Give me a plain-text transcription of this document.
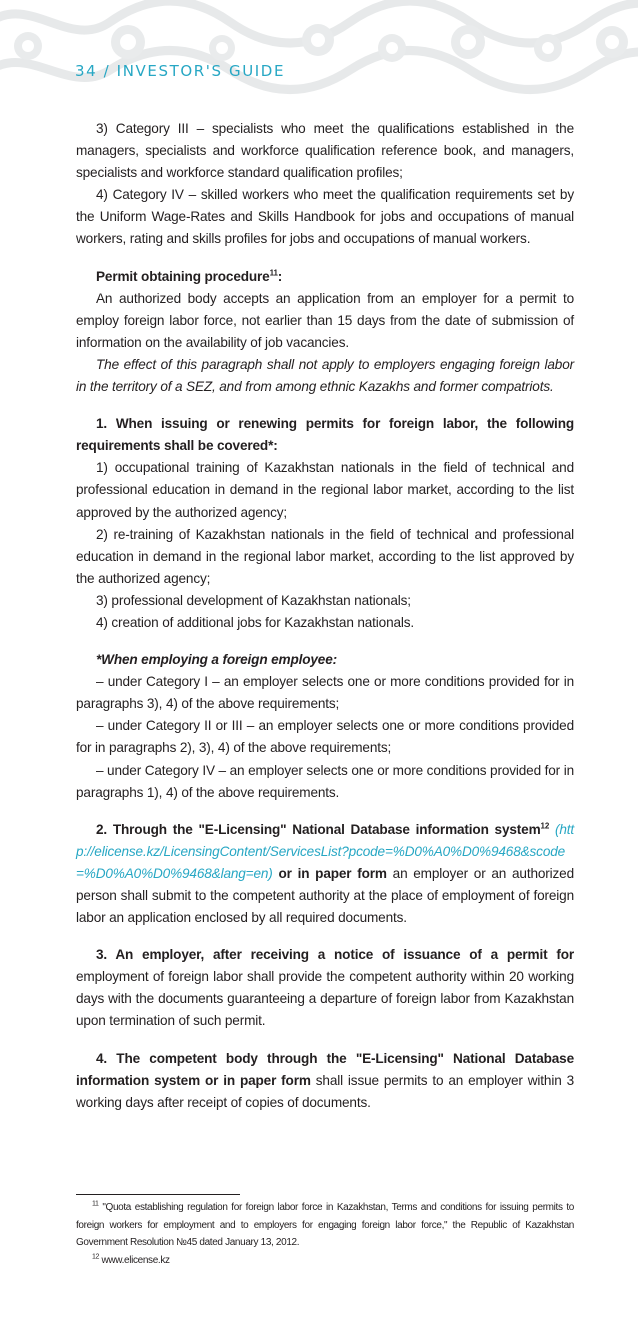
34 / INVESTOR'S GUIDE

3) Category III – specialists who meet the qualifications established in the managers, specialists and workforce qualification reference book, and managers, specialists and workforce standard qualification profiles;

4) Category IV – skilled workers who meet the qualification requirements set by the Uniform Wage-Rates and Skills Handbook for jobs and occupations of manual workers, rating and skills profiles for jobs and occupations of manual workers.

Permit obtaining procedure$^{11}$:

An authorized body accepts an application from an employer for a permit to employ foreign labor force, not earlier than 15 days from the date of submission of information on the availability of job vacancies.

The effect of this paragraph shall not apply to employers engaging foreign labor in the territory of a SEZ, and from among ethnic Kazakhs and former compatriots.

1. When issuing or renewing permits for foreign labor, the following requirements shall be covered*:

1) occupational training of Kazakhstan nationals in the field of technical and professional education in demand in the regional labor market, according to the list approved by the authorized agency;

2) re-training of Kazakhstan nationals in the field of technical and professional education in demand in the regional labor market, according to the list approved by the authorized agency;

3) professional development of Kazakhstan nationals;

4) creation of additional jobs for Kazakhstan nationals.

*When employing a foreign employee:

– under Category I – an employer selects one or more conditions provided for in paragraphs 3), 4) of the above requirements;

– under Category II or III – an employer selects one or more conditions provided for in paragraphs 2), 3), 4) of the above requirements;

– under Category IV – an employer selects one or more conditions provided for in paragraphs 1), 4) of the above requirements.

2. Through the "E-Licensing" National Database information system$^{12}$ (http://elicense.kz/LicensingContent/ServicesList?pcode=%D0%A0%D0%9468&scode=%D0%A0%D0%9468&lang=en) or in paper form an employer or an authorized person shall submit to the competent authority at the place of employment of foreign labor an application enclosed by all required documents.

3. An employer, after receiving a notice of issuance of a permit for employment of foreign labor shall provide the competent authority within 20 working days with the documents guaranteeing a departure of foreign labor from Kazakhstan upon termination of such permit.

4. The competent body through the "E-Licensing" National Database information system or in paper form shall issue permits to an employer within 3 working days after receipt of copies of documents.

$^{11}$ "Quota establishing regulation for foreign labor force in Kazakhstan, Terms and conditions for issuing permits to foreign workers for employment and to employers for engaging foreign labor force," the Republic of Kazakhstan Government Resolution №45 dated January 13, 2012.

$^{12}$ www.elicense.kz
